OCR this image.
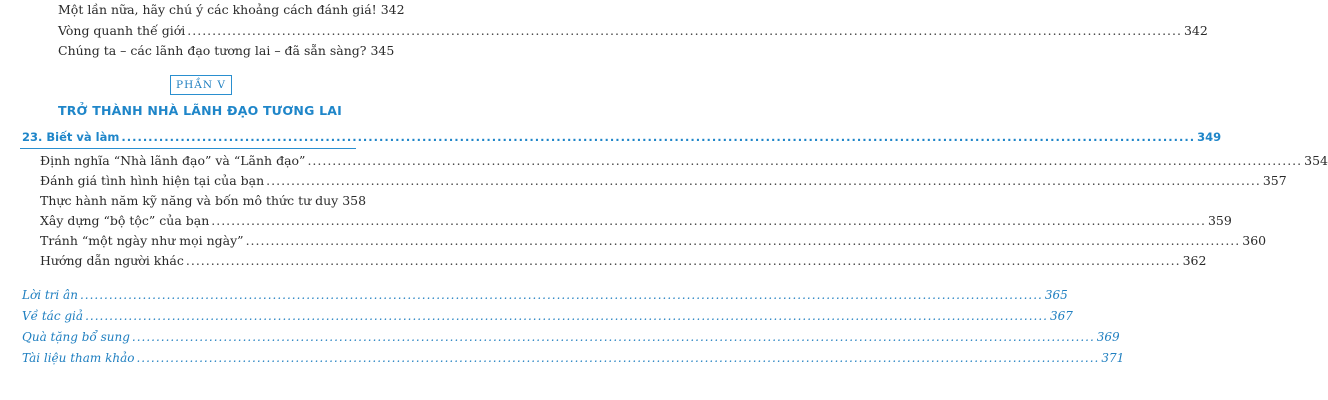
Một lần nữa, hãy chú ý các khoảng cách đánh giá! 342
Vòng quanh thế giới .....	342
Chúng ta – các lãnh đạo tương lai – đã sẵn sàng? 345
PHẦN V
TRỞ THÀNH NHÀ LÃNH ĐẠO TƯƠNG LAI
23. Biết và làm .....	349
Định nghĩa “Nhà lãnh đạo” và “Lãnh đạo” .....	354
Đánh giá tình hình hiện tại của bạn .....	357
Thực hành năm kỹ năng và bốn mô thức tư duy 358
Xây dựng “bộ tộc” của bạn .....	359
Tránh “một ngày như mọi ngày” .....	360
Hướng dẫn người khác .....	362
Lời tri ân .....	365
Về tác giả .....	367
Quà tặng bổ sung .....	369
Tài liệu tham khảo .....	371
